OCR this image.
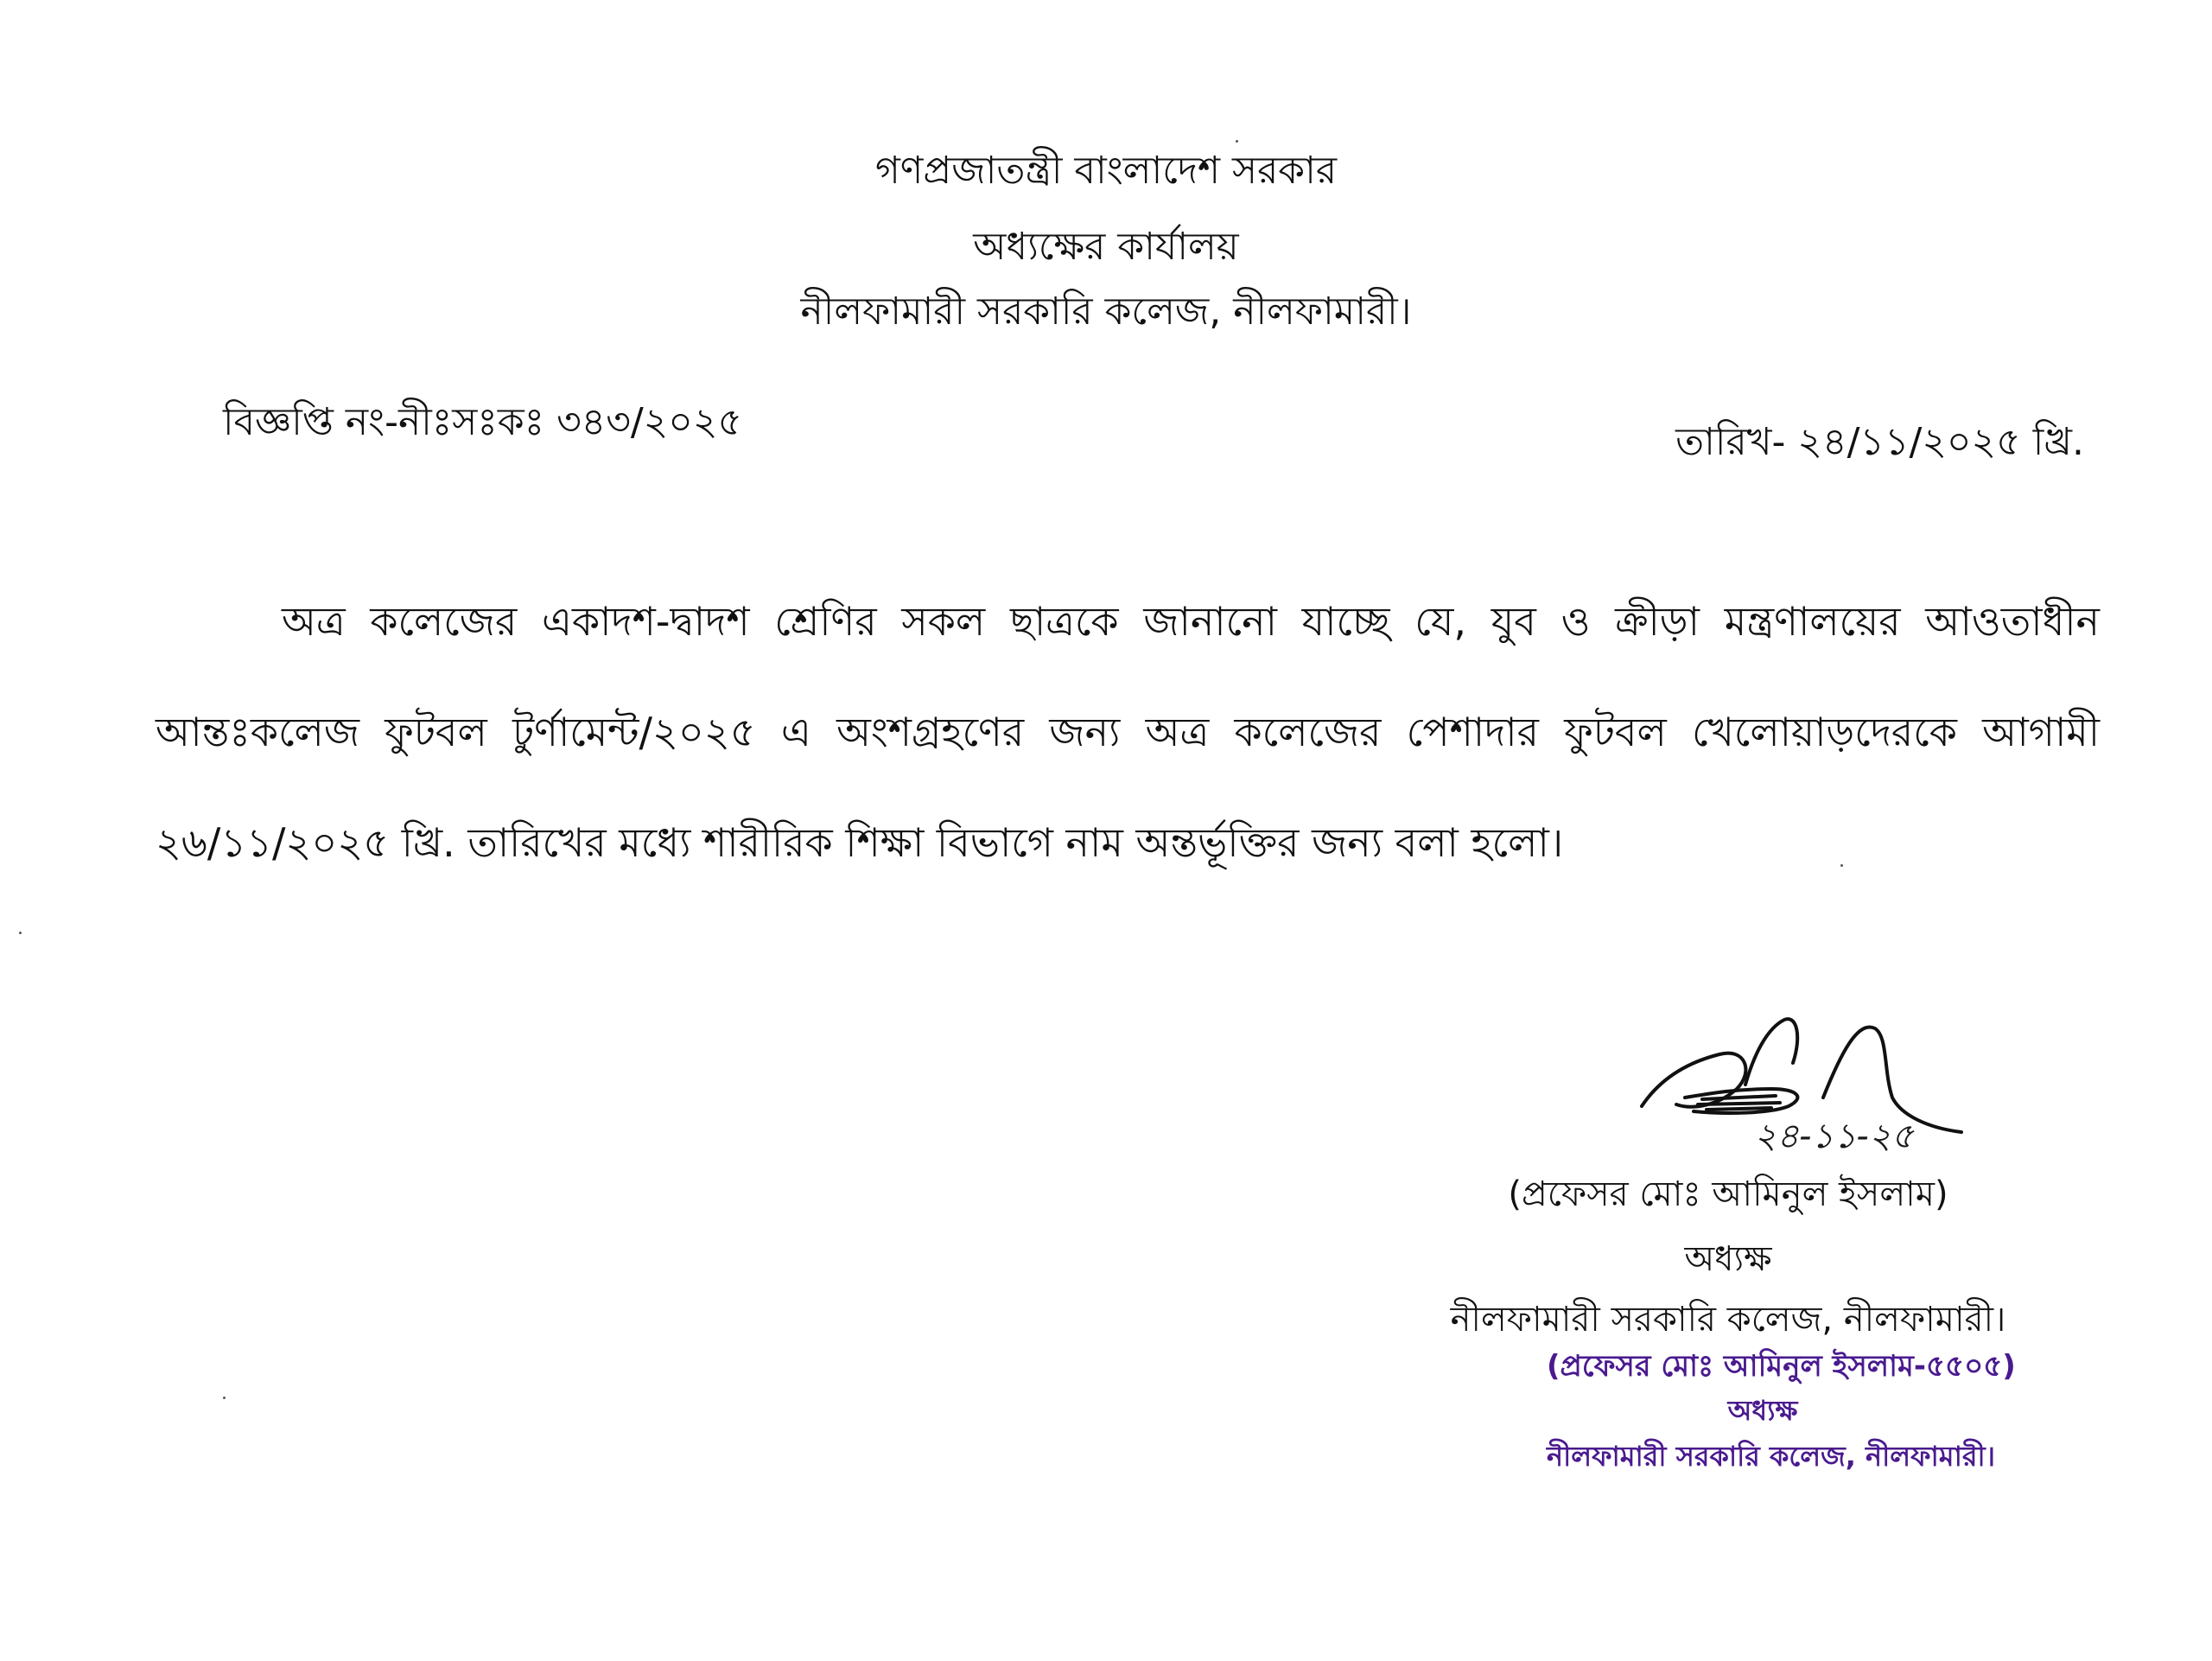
গণপ্রজাতন্ত্রী বাংলাদেশ সরকার
অধ্যক্ষের কার্যালয়
নীলফামারী সরকারি কলেজ, নীলফামারী।
বিজ্ঞপ্তি নং-নীঃসঃকঃ ৩৪৩/২০২৫	তারিখ- ২৪/১১/২০২৫ খ্রি.
অত্র কলেজের একাদশ-দ্বাদশ শ্রেণির সকল ছাত্রকে জানানো যাচ্ছে যে, যুব ও ক্রীড়া মন্ত্রণালয়ের আওতাধীন আন্তঃকলেজ ফুটবল টুর্ণামেন্ট/২০২৫ এ অংশগ্রহণের জন্য অত্র কলেজের পেশাদার ফুটবল খেলোয়াড়দেরকে আগামী ২৬/১১/২০২৫ খ্রি. তারিখের মধ্যে শারীরিক শিক্ষা বিভাগে নাম অন্তর্ভূক্তির জন্য বলা হলো।
২৪-১১-২৫
(প্রফেসর মোঃ আমিনুল ইসলাম)
অধ্যক্ষ
নীলফামারী সরকারি কলেজ, নীলফামারী।
(প্রফেসর মোঃ আমিনুল ইসলাম-৫৫০৫)
অধ্যক্ষ
নীলফামারী সরকারি কলেজ, নীলফামারী।
